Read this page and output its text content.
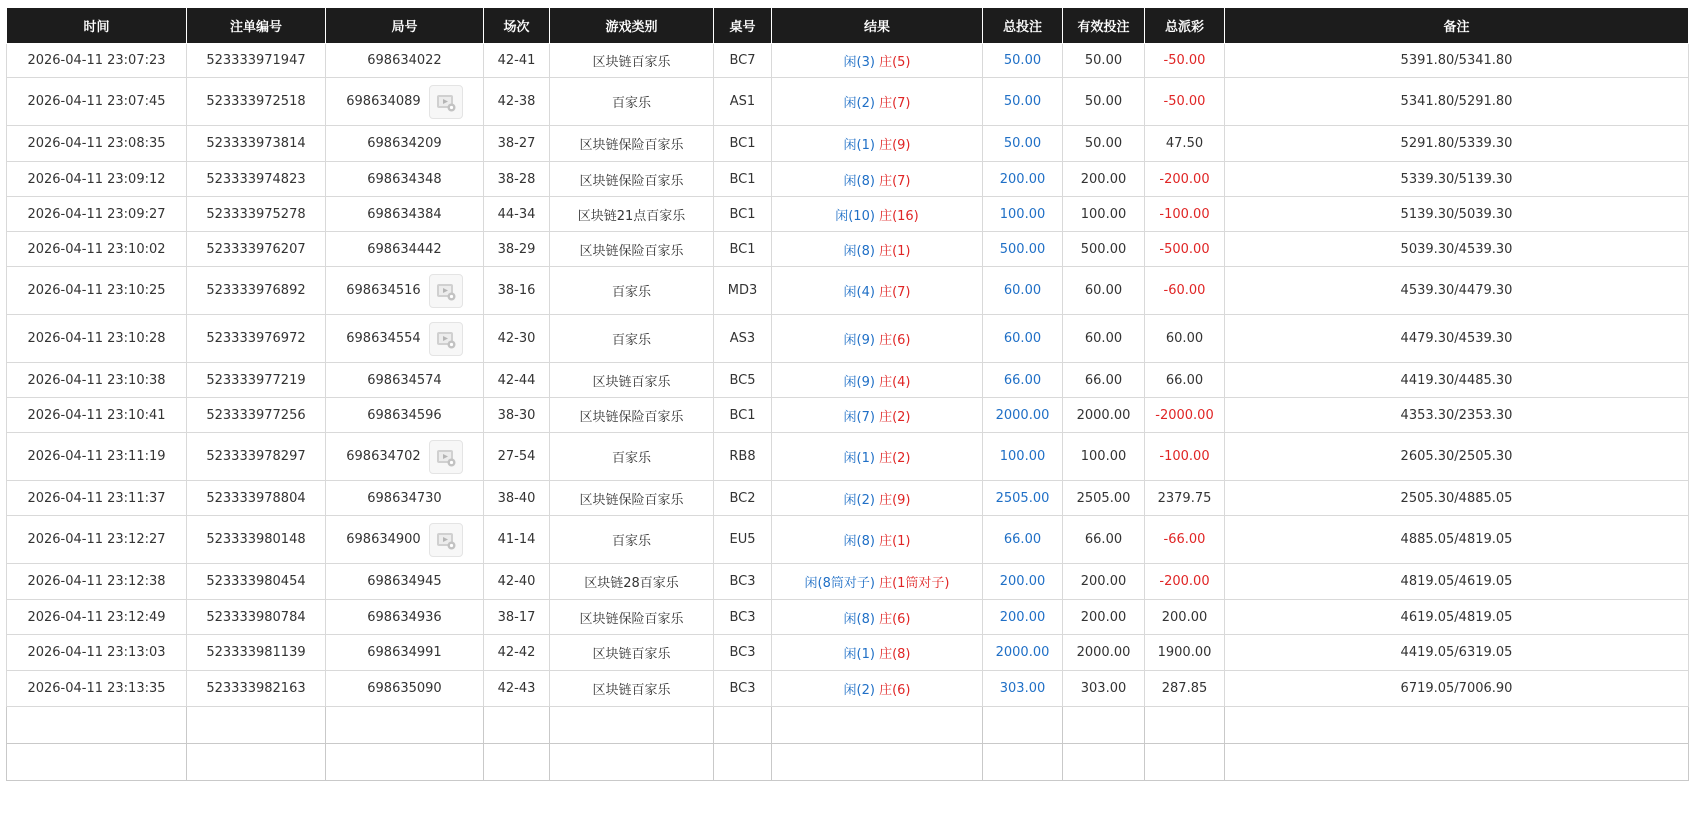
时间	注单编号	局号	场次	游戏类别	桌号	结果	总投注	有效投注	总派彩	备注
2026-04-11 23:07:23	523333971947	698634022	42-41	区块链百家乐	BC7	闲(3) 庄(5)	50.00	50.00	-50.00	5391.80/5341.80
2026-04-11 23:07:45	523333972518	698634089	42-38	百家乐	AS1	闲(2) 庄(7)	50.00	50.00	-50.00	5341.80/5291.80
2026-04-11 23:08:35	523333973814	698634209	38-27	区块链保险百家乐	BC1	闲(1) 庄(9)	50.00	50.00	47.50	5291.80/5339.30
2026-04-11 23:09:12	523333974823	698634348	38-28	区块链保险百家乐	BC1	闲(8) 庄(7)	200.00	200.00	-200.00	5339.30/5139.30
2026-04-11 23:09:27	523333975278	698634384	44-34	区块链21点百家乐	BC1	闲(10) 庄(16)	100.00	100.00	-100.00	5139.30/5039.30
2026-04-11 23:10:02	523333976207	698634442	38-29	区块链保险百家乐	BC1	闲(8) 庄(1)	500.00	500.00	-500.00	5039.30/4539.30
2026-04-11 23:10:25	523333976892	698634516	38-16	百家乐	MD3	闲(4) 庄(7)	60.00	60.00	-60.00	4539.30/4479.30
2026-04-11 23:10:28	523333976972	698634554	42-30	百家乐	AS3	闲(9) 庄(6)	60.00	60.00	60.00	4479.30/4539.30
2026-04-11 23:10:38	523333977219	698634574	42-44	区块链百家乐	BC5	闲(9) 庄(4)	66.00	66.00	66.00	4419.30/4485.30
2026-04-11 23:10:41	523333977256	698634596	38-30	区块链保险百家乐	BC1	闲(7) 庄(2)	2000.00	2000.00	-2000.00	4353.30/2353.30
2026-04-11 23:11:19	523333978297	698634702	27-54	百家乐	RB8	闲(1) 庄(2)	100.00	100.00	-100.00	2605.30/2505.30
2026-04-11 23:11:37	523333978804	698634730	38-40	区块链保险百家乐	BC2	闲(2) 庄(9)	2505.00	2505.00	2379.75	2505.30/4885.05
2026-04-11 23:12:27	523333980148	698634900	41-14	百家乐	EU5	闲(8) 庄(1)	66.00	66.00	-66.00	4885.05/4819.05
2026-04-11 23:12:38	523333980454	698634945	42-40	区块链28百家乐	BC3	闲(8筒对子) 庄(1筒对子)	200.00	200.00	-200.00	4819.05/4619.05
2026-04-11 23:12:49	523333980784	698634936	38-17	区块链保险百家乐	BC3	闲(8) 庄(6)	200.00	200.00	200.00	4619.05/4819.05
2026-04-11 23:13:03	523333981139	698634991	42-42	区块链百家乐	BC3	闲(1) 庄(8)	2000.00	2000.00	1900.00	4419.05/6319.05
2026-04-11 23:13:35	523333982163	698635090	42-43	区块链百家乐	BC3	闲(2) 庄(6)	303.00	303.00	287.85	6719.05/7006.90
小计	17						8510.00	8510.00	1615.10	
总计	17						8510.00	8510.00	1615.10	
